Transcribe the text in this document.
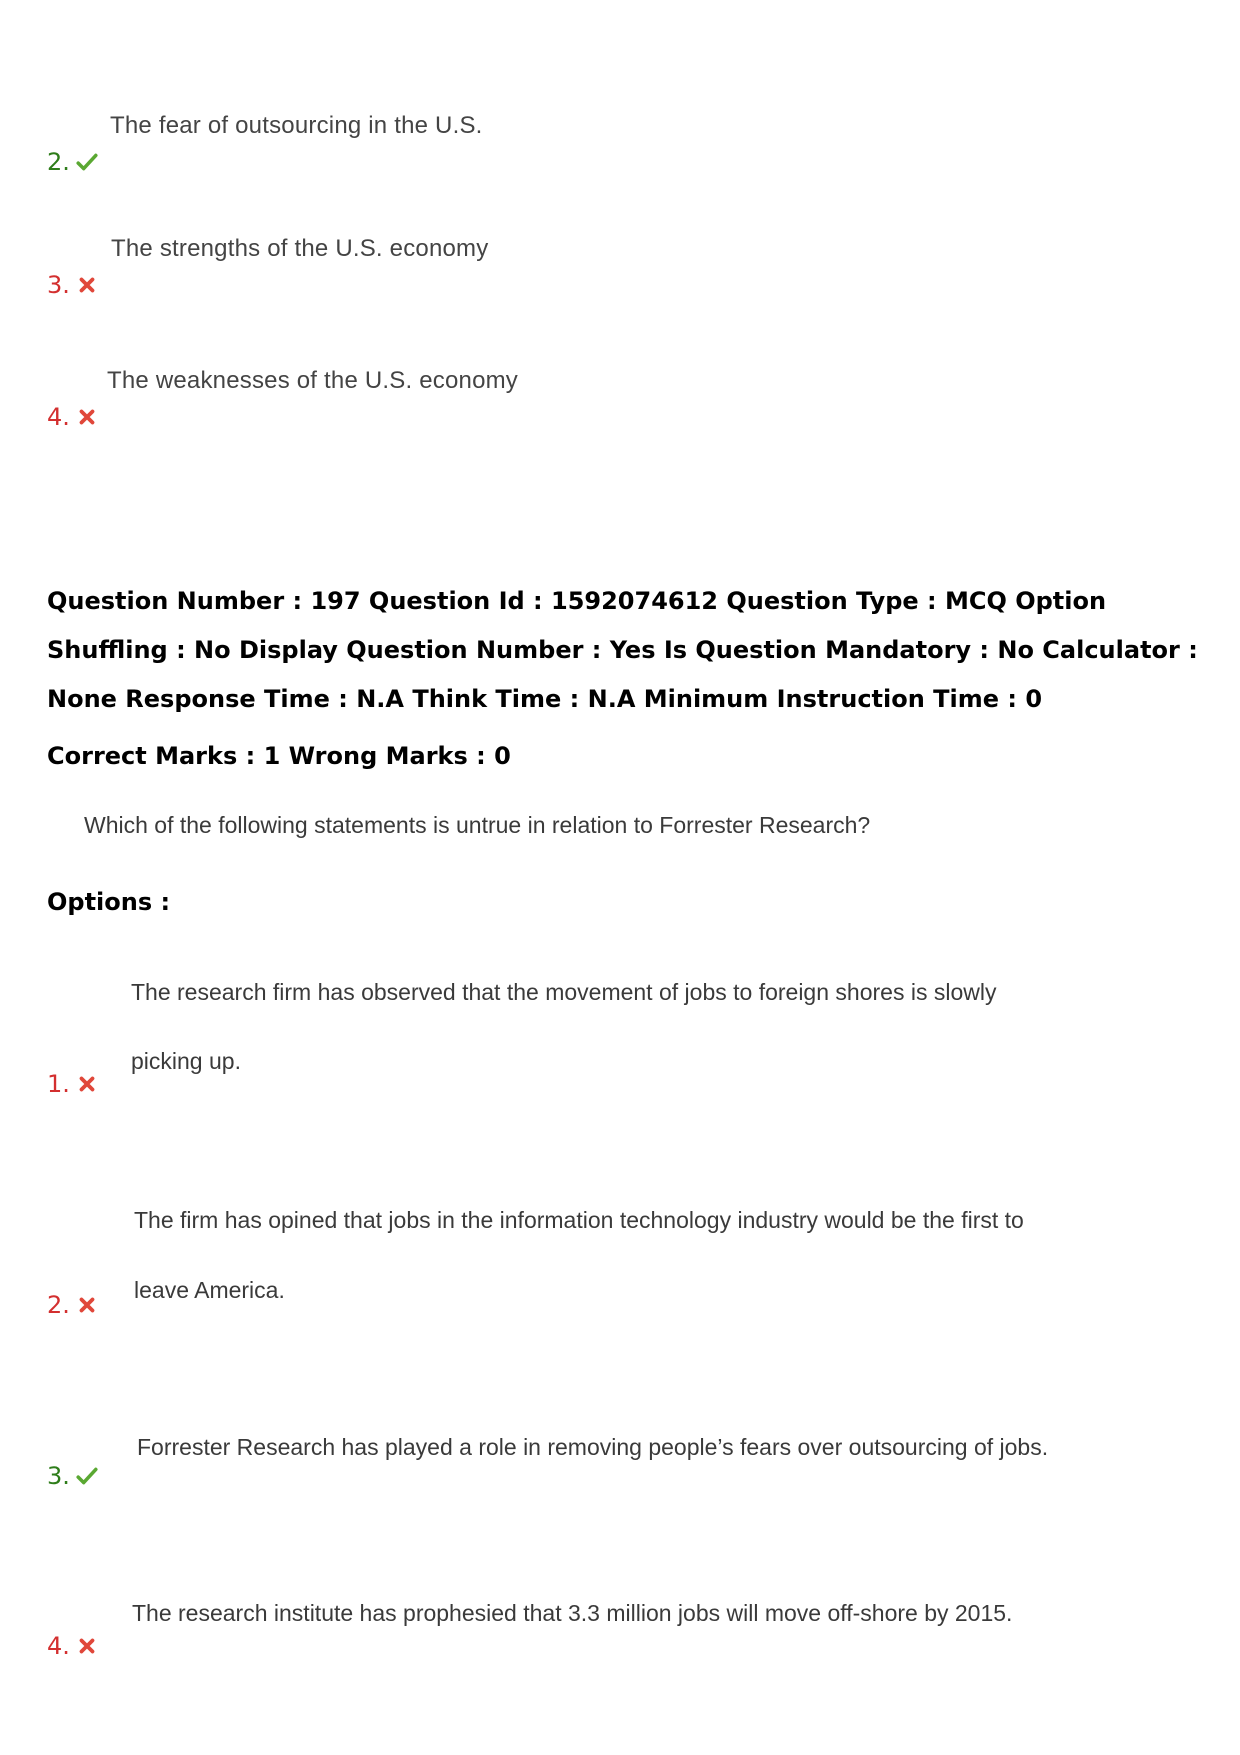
2.
The fear of outsourcing in the U.S.
3.
The strengths of the U.S. economy
4.
The weaknesses of the U.S. economy
Question Number : 197 Question Id : 1592074612 Question Type : MCQ Option Shuffling : No Display Question Number : Yes Is Question Mandatory : No Calculator : None Response Time : N.A Think Time : N.A Minimum Instruction Time : 0
Correct Marks : 1 Wrong Marks : 0
Which of the following statements is untrue in relation to Forrester Research?
Options :
1.
The research firm has observed that the movement of jobs to foreign shores is slowly
picking up.
2.
The firm has opined that jobs in the information technology industry would be the first to
leave America.
3.
Forrester Research has played a role in removing people’s fears over outsourcing of jobs.
4.
The research institute has prophesied that 3.3 million jobs will move off-shore by 2015.
